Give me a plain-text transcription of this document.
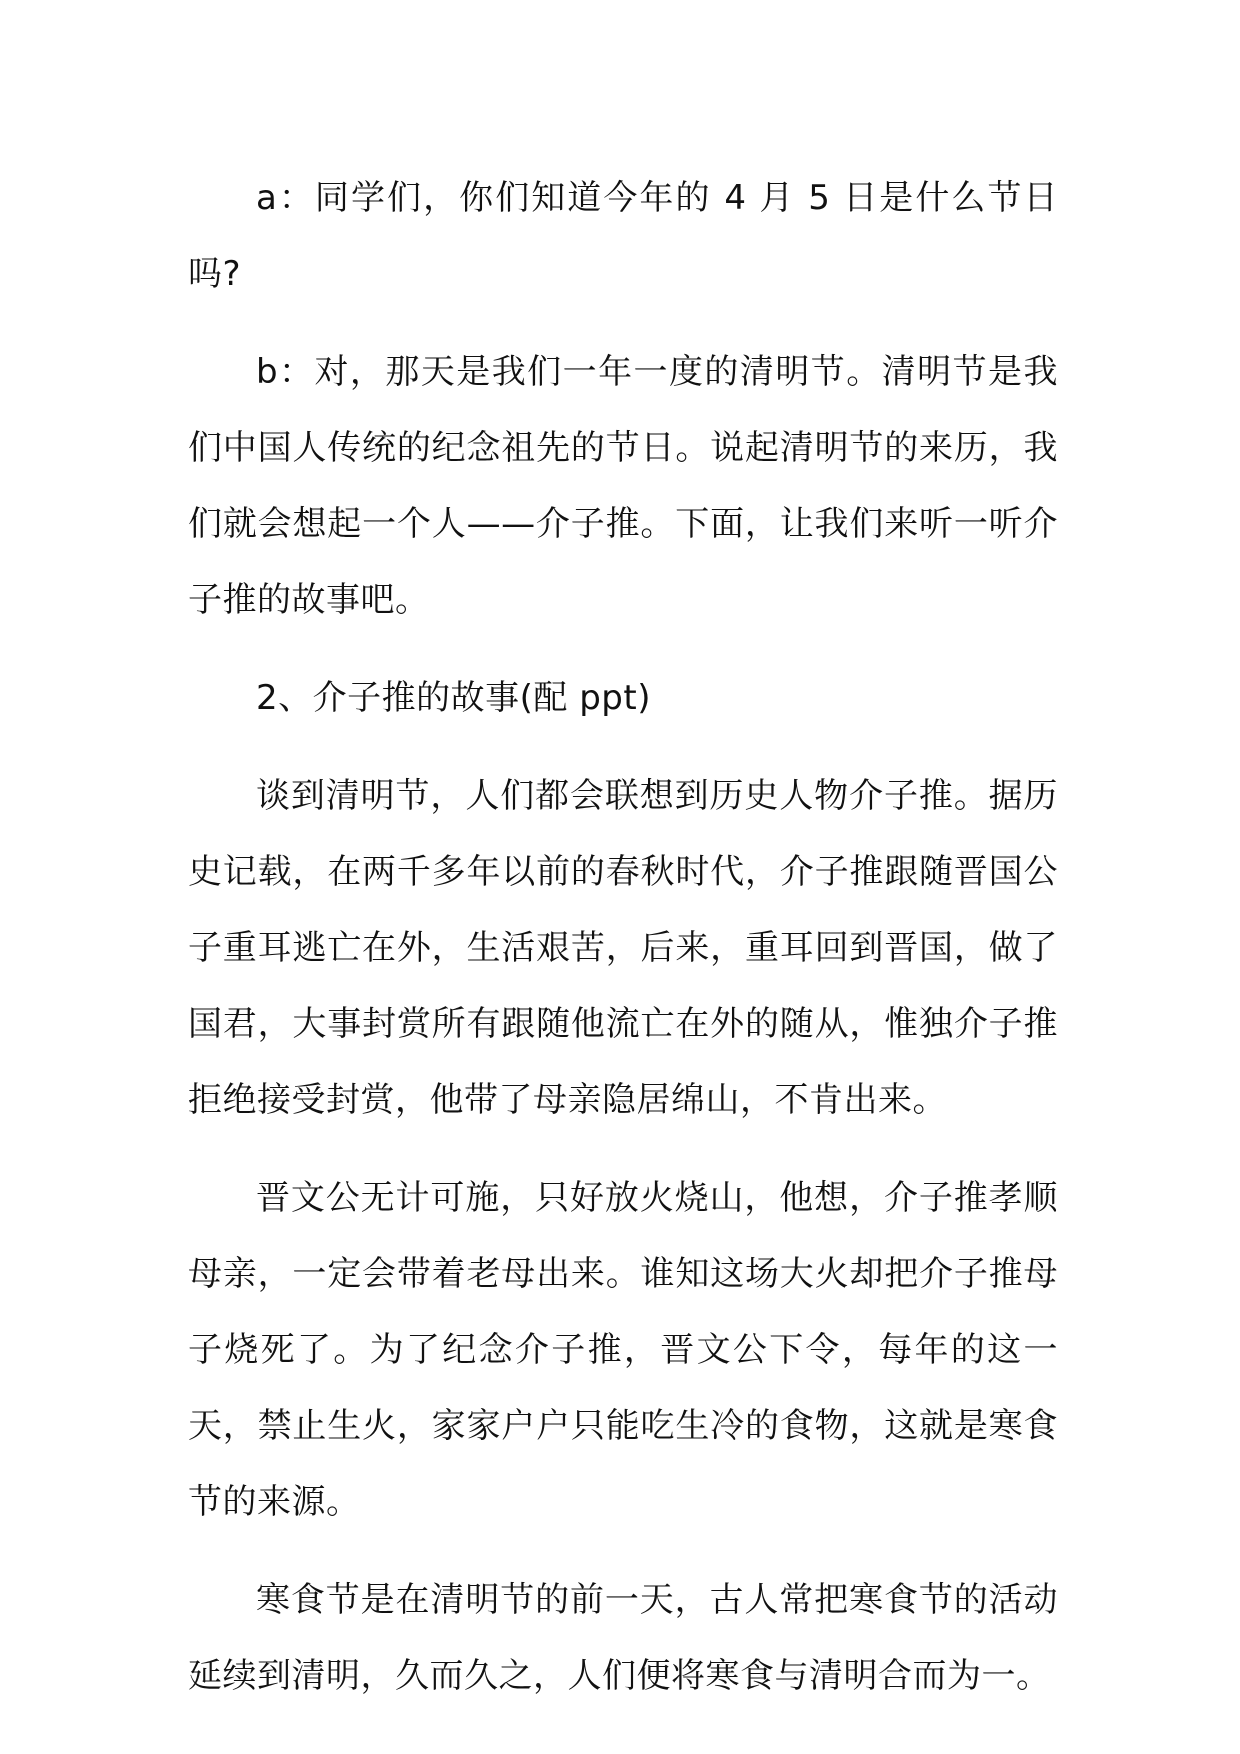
a：同学们，你们知道今年的 4 月 5 日是什么节日吗?

b：对，那天是我们一年一度的清明节。清明节是我们中国人传统的纪念祖先的节日。说起清明节的来历，我们就会想起一个人——介子推。下面，让我们来听一听介子推的故事吧。

2、介子推的故事(配 ppt)

谈到清明节，人们都会联想到历史人物介子推。据历史记载，在两千多年以前的春秋时代，介子推跟随晋国公子重耳逃亡在外，生活艰苦，后来，重耳回到晋国，做了国君，大事封赏所有跟随他流亡在外的随从，惟独介子推拒绝接受封赏，他带了母亲隐居绵山，不肯出来。

晋文公无计可施，只好放火烧山，他想，介子推孝顺母亲，一定会带着老母出来。谁知这场大火却把介子推母子烧死了。为了纪念介子推，晋文公下令，每年的这一天，禁止生火，家家户户只能吃生冷的食物，这就是寒食节的来源。

寒食节是在清明节的前一天，古人常把寒食节的活动延续到清明，久而久之，人们便将寒食与清明合而为一。
